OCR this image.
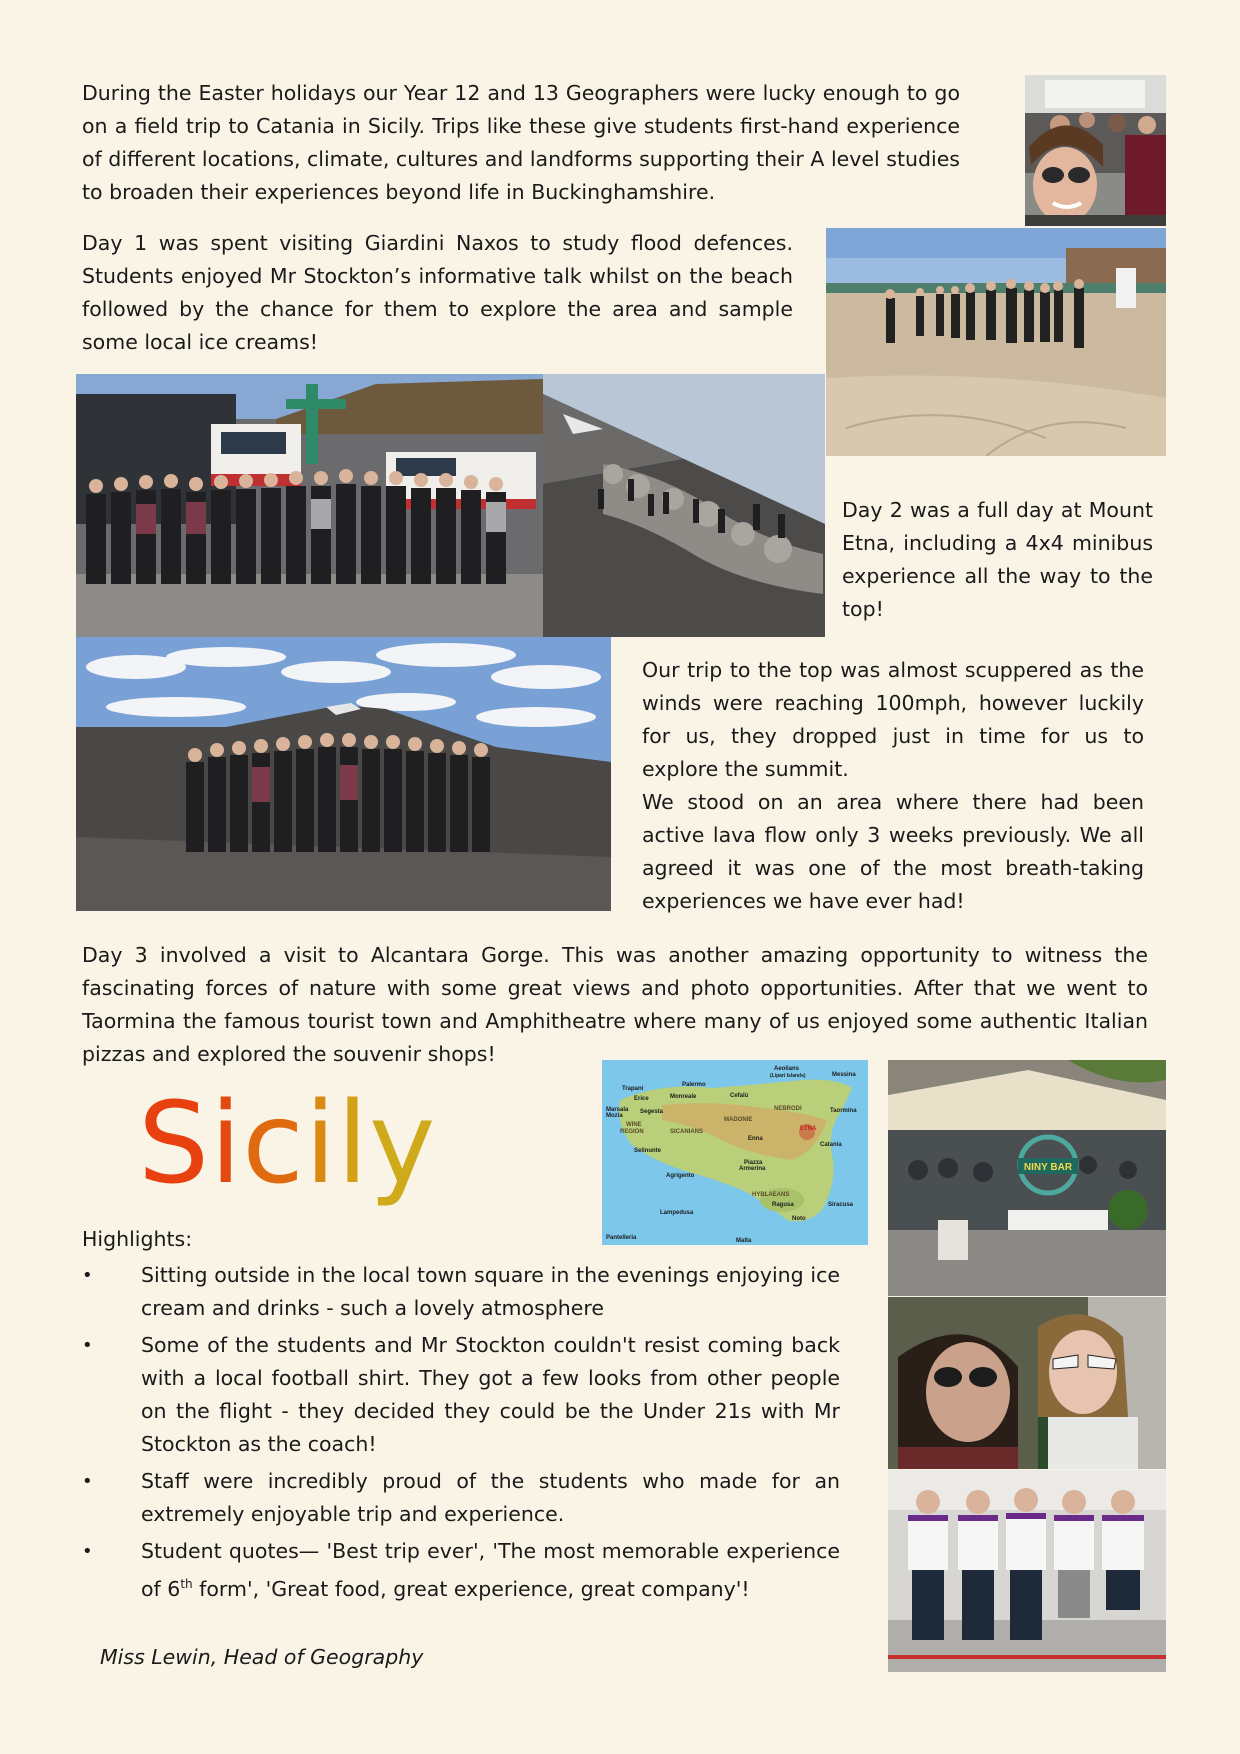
During the Easter holidays our Year 12 and 13 Geographers were lucky enough to go on a field trip to Catania in Sicily. Trips like these give students first-hand experience of different locations, climate, cultures and landforms supporting their A level studies to broaden their experiences beyond life in Buckinghamshire.

Day 1 was spent visiting Giardini Naxos to study flood defences. Students enjoyed Mr Stockton’s informative talk whilst on the beach followed by the chance for them to explore the area and sample some local ice creams!

Day 2 was a full day at Mount Etna, including a 4x4 minibus experience all the way to the top!

Our trip to the top was almost scuppered as the winds were reaching 100mph, however luckily for us, they dropped just in time for us to explore the summit.

We stood on an area where there had been active lava flow only 3 weeks previously. We all agreed it was one of the most breath-taking experiences we have ever had!

Day 3 involved a visit to Alcantara Gorge. This was another amazing opportunity to witness the fascinating forces of nature with some great views and photo opportunities. After that we went to Taormina the famous tourist town and Amphitheatre where many of us enjoyed some authentic Italian pizzas and explored the souvenir shops!

Sicily
Aeolians
(Lipari Islands)	Messina
Trapani
Palermo
Erice	Monreale	Cefalù
Marsala
Mozia
Segesta	NEBRODI	Taormina
MADONIE
WINE
REGION	SICANIANS	ETNA
Selinunte
Enna
Catania
Agrigento
Piazza
Armerina
HYBLAEANS
Siracusa
Ragusa
Lampedusa
Noto
Pantelleria	Malta
Highlights:
• Sitting outside in the local town square in the evenings enjoying ice cream and drinks - such a lovely atmosphere
• Some of the students and Mr Stockton couldn't resist coming back with a local football shirt. They got a few looks from other people on the flight - they decided they could be the Under 21s with Mr Stockton as the coach!
• Staff were incredibly proud of the students who made for an extremely enjoyable trip and experience.
• Student quotes— 'Best trip ever', 'The most memorable experience of 6th form', 'Great food, great experience, great company'!
Miss Lewin, Head of Geography
NINY BAR
